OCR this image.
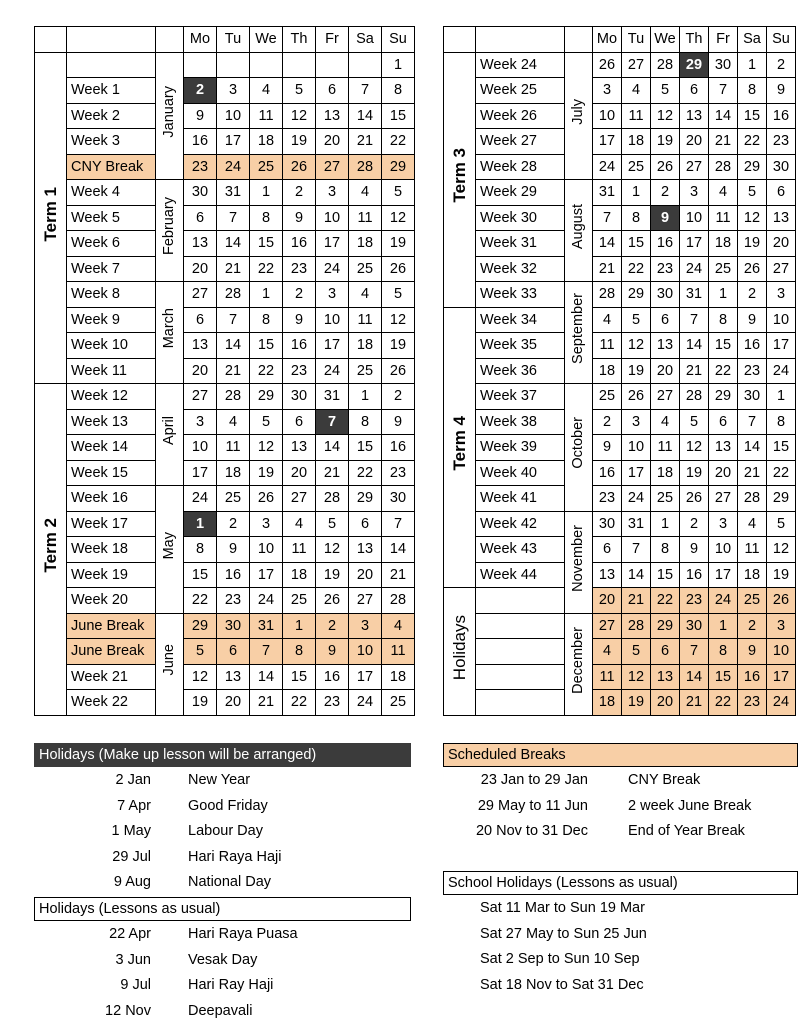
			Mo	Tu	We	Th	Fr	Sa	Su
Term 1		January							1
	Week 1		2	3	4	5	6	7	8
	Week 2		9	10	11	12	13	14	15
	Week 3		16	17	18	19	20	21	22
	CNY Break		23	24	25	26	27	28	29
	Week 4	February	30	31	1	2	3	4	5
	Week 5		6	7	8	9	10	11	12
	Week 6		13	14	15	16	17	18	19
	Week 7		20	21	22	23	24	25	26
	Week 8	March	27	28	1	2	3	4	5
	Week 9		6	7	8	9	10	11	12
	Week 10		13	14	15	16	17	18	19
	Week 11		20	21	22	23	24	25	26
Term 2	Week 12	April	27	28	29	30	31	1	2
	Week 13		3	4	5	6	7	8	9
	Week 14		10	11	12	13	14	15	16
	Week 15		17	18	19	20	21	22	23
	Week 16	May	24	25	26	27	28	29	30
	Week 17		1	2	3	4	5	6	7
	Week 18		8	9	10	11	12	13	14
	Week 19		15	16	17	18	19	20	21
	Week 20		22	23	24	25	26	27	28
	June Break	June	29	30	31	1	2	3	4
	June Break		5	6	7	8	9	10	11
	Week 21		12	13	14	15	16	17	18
	Week 22		19	20	21	22	23	24	25
			Mo	Tu	We	Th	Fr	Sa	Su
Term 3	Week 24	July	26	27	28	29	30	1	2
	Week 25		3	4	5	6	7	8	9
	Week 26		10	11	12	13	14	15	16
	Week 27		17	18	19	20	21	22	23
	Week 28		24	25	26	27	28	29	30
	Week 29	August	31	1	2	3	4	5	6
	Week 30		7	8	9	10	11	12	13
	Week 31		14	15	16	17	18	19	20
	Week 32		21	22	23	24	25	26	27
	Week 33	September	28	29	30	31	1	2	3
Term 4	Week 34		4	5	6	7	8	9	10
	Week 35		11	12	13	14	15	16	17
	Week 36		18	19	20	21	22	23	24
	Week 37	October	25	26	27	28	29	30	1
	Week 38		2	3	4	5	6	7	8
	Week 39		9	10	11	12	13	14	15
	Week 40		16	17	18	19	20	21	22
	Week 41		23	24	25	26	27	28	29
	Week 42	November	30	31	1	2	3	4	5
	Week 43		6	7	8	9	10	11	12
	Week 44		13	14	15	16	17	18	19
Holidays			20	21	22	23	24	25	26
		December	27	28	29	30	1	2	3
			4	5	6	7	8	9	10
			11	12	13	14	15	16	17
			18	19	20	21	22	23	24
Holidays (Make up lesson will be arranged)
2 Jan	New Year
7 Apr	Good Friday
1 May	Labour Day
29 Jul	Hari Raya Haji
9 Aug	National Day
Holidays (Lessons as usual)
22 Apr	Hari Raya Puasa
3 Jun	Vesak Day
9 Jul	Hari Ray Haji
12 Nov	Deepavali
Scheduled Breaks
23 Jan to 29 Jan	CNY Break
29 May to 11 Jun	2 week June Break
20 Nov to 31 Dec	End of Year Break
School Holidays (Lessons as usual)
Sat 11 Mar to Sun 19 Mar
Sat 27 May to Sun 25 Jun
Sat 2 Sep to Sun 10 Sep
Sat 18 Nov to Sat 31 Dec
